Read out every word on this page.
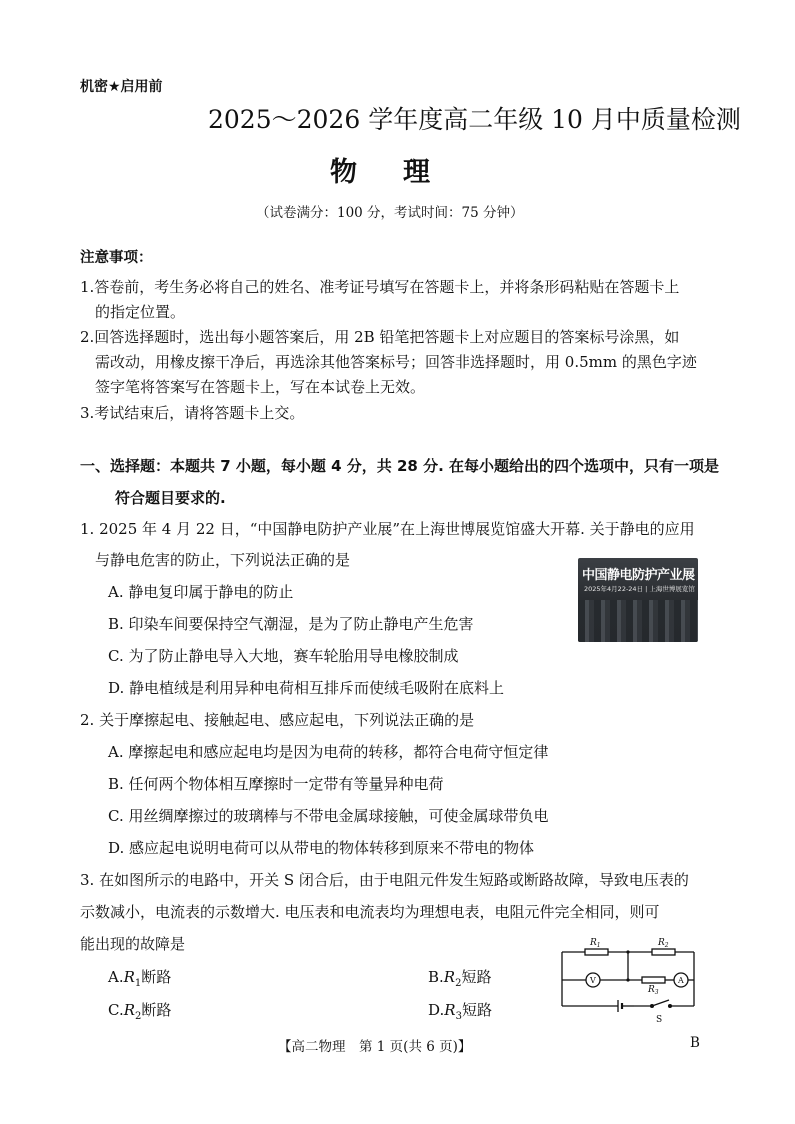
机密★启用前
2025～2026 学年度高二年级 10 月中质量检测
物理
（试卷满分：100 分，考试时间：75 分钟）
注意事项：
1.答卷前，考生务必将自己的姓名、准考证号填写在答题卡上，并将条形码粘贴在答题卡上
的指定位置。
2.回答选择题时，选出每小题答案后，用 2B 铅笔把答题卡上对应题目的答案标号涂黑，如
需改动，用橡皮擦干净后，再选涂其他答案标号；回答非选择题时，用 0.5mm 的黑色字迹
签字笔将答案写在答题卡上，写在本试卷上无效。
3.考试结束后，请将答题卡上交。
一、选择题：本题共 7 小题，每小题 4 分，共 28 分. 在每小题给出的四个选项中，只有一项是
符合题目要求的.
1. 2025 年 4 月 22 日，“中国静电防护产业展”在上海世博展览馆盛大开幕. 关于静电的应用
与静电危害的防止，下列说法正确的是
A. 静电复印属于静电的防止
B. 印染车间要保持空气潮湿，是为了防止静电产生危害
C. 为了防止静电导入大地，赛车轮胎用导电橡胶制成
D. 静电植绒是利用异种电荷相互排斥而使绒毛吸附在底料上
中国静电防护产业展
2025年4月22-24日 | 上海世博展览馆
2. 关于摩擦起电、接触起电、感应起电，下列说法正确的是
A. 摩擦起电和感应起电均是因为电荷的转移，都符合电荷守恒定律
B. 任何两个物体相互摩擦时一定带有等量异种电荷
C. 用丝绸摩擦过的玻璃棒与不带电金属球接触，可使金属球带负电
D. 感应起电说明电荷可以从带电的物体转移到原来不带电的物体
3. 在如图所示的电路中，开关 S 闭合后，由于电阻元件发生短路或断路故障，导致电压表的
示数减小，电流表的示数增大. 电压表和电流表均为理想电表，电阻元件完全相同，则可
能出现的故障是
$A.R_1$断路	$B.R_2$短路
$C.R_2$断路	$D.R_3$短路
$R_1$	$R_2$
$R_3$
V	A
S
【高二物理　第 1 页(共 6 页)】	B
